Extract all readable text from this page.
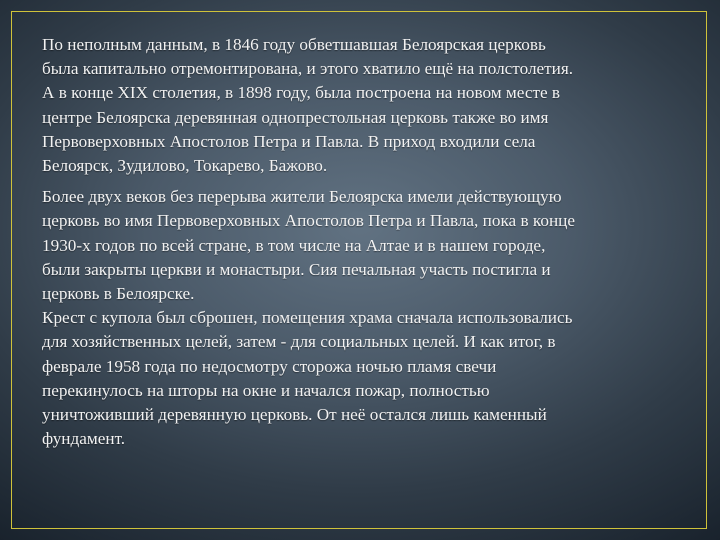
По неполным данным, в 1846 году обветшавшая Белоярская церковь
была капитально отремонтирована, и этого хватило ещё на полстолетия.
А в конце XIX столетия, в 1898 году, была построена на новом месте в
центре Белоярска деревянная однопрестольная церковь также во имя
Первоверховных Апостолов Петра и Павла. В приход входили села
Белоярск, Зудилово, Токарево, Бажово.

Более двух веков без перерыва жители Белоярска имели действующую
церковь во имя Первоверховных Апостолов Петра и Павла, пока в конце
1930-х годов по всей стране, в том числе на Алтае и в нашем городе,
были закрыты церкви и монастыри. Сия печальная участь постигла и
церковь в Белоярске.
Крест с купола был сброшен, помещения храма сначала использовались
для хозяйственных целей, затем - для социальных целей. И как итог, в
феврале 1958 года по недосмотру сторожа ночью пламя свечи
перекинулось на шторы на окне и начался пожар, полностью
уничтоживший деревянную церковь. От неё остался лишь каменный
фундамент.
